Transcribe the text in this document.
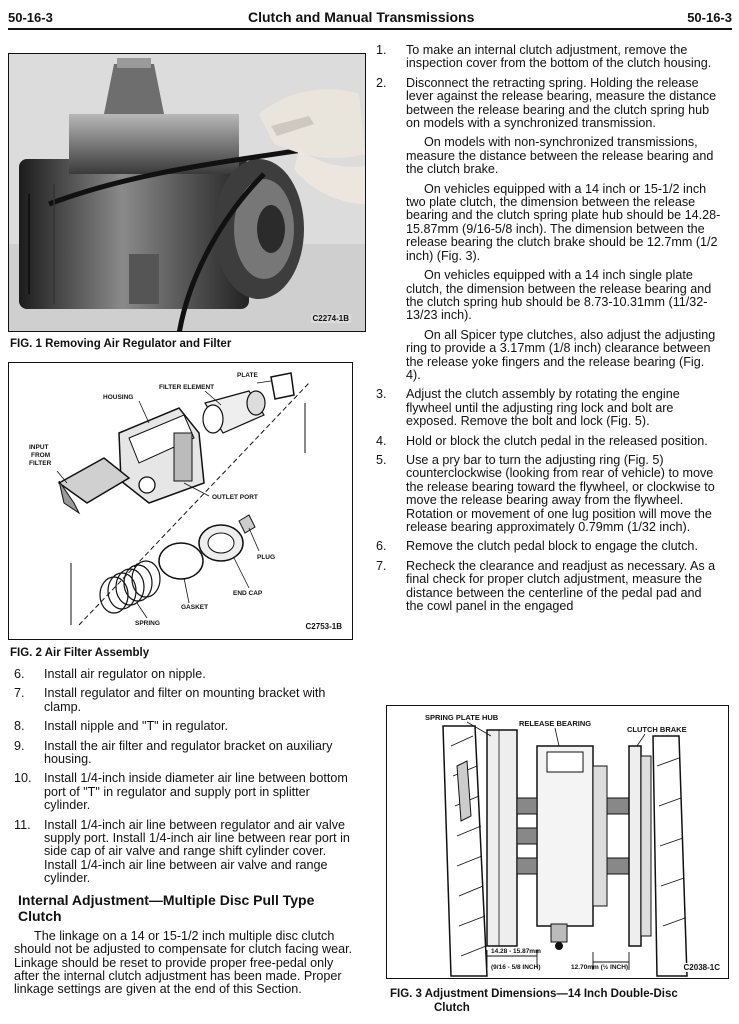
50-16-3	Clutch and Manual Transmissions	50-16-3
C2274-1B
FIG. 1 Removing Air Regulator and Filter
PLATE
FILTER ELEMENT
HOUSING
INPUT
FROM
FILTER
OUTLET PORT
PLUG
END CAP
GASKET
SPRING	C2753-1B
FIG. 2 Air Filter Assembly
6. Install air regulator on nipple.
7. Install regulator and filter on mounting bracket with clamp.
8. Install nipple and "T" in regulator.
9. Install the air filter and regulator bracket on auxiliary housing.
10. Install 1/4-inch inside diameter air line between bottom port of "T" in regulator and supply port in splitter cylinder.
11. Install 1/4-inch air line between regulator and air valve supply port. Install 1/4-inch air line between rear port in side cap of air valve and range shift cylinder cover. Install 1/4-inch air line between air valve and range cylinder.
Internal Adjustment—Multiple Disc Pull Type Clutch
The linkage on a 14 or 15-1/2 inch multiple disc clutch should not be adjusted to compensate for clutch facing wear. Linkage should be reset to provide proper free-pedal only after the internal clutch adjustment has been made. Proper linkage settings are given at the end of this Section.
1. To make an internal clutch adjustment, remove the inspection cover from the bottom of the clutch housing.
2. Disconnect the retracting spring. Holding the release lever against the release bearing, measure the distance between the release bearing and the clutch spring hub on models with a synchronized transmission.
On models with non-synchronized transmissions, measure the distance between the release bearing and the clutch brake.
On vehicles equipped with a 14 inch or 15-1/2 inch two plate clutch, the dimension between the release bearing and the clutch spring plate hub should be 14.28-15.87mm (9/16-5/8 inch). The dimension between the release bearing the clutch brake should be 12.7mm (1/2 inch) (Fig. 3).
On vehicles equipped with a 14 inch single plate clutch, the dimension between the release bearing and the clutch spring hub should be 8.73-10.31mm (11/32-13/23 inch).
On all Spicer type clutches, also adjust the adjusting ring to provide a 3.17mm (1/8 inch) clearance between the release yoke fingers and the release bearing (Fig. 4).
3. Adjust the clutch assembly by rotating the engine flywheel until the adjusting ring lock and bolt are exposed. Remove the bolt and lock (Fig. 5).
4. Hold or block the clutch pedal in the released position.
5. Use a pry bar to turn the adjusting ring (Fig. 5) counterclockwise (looking from rear of vehicle) to move the release bearing toward the flywheel, or clockwise to move the release bearing away from the flywheel. Rotation or movement of one lug position will move the release bearing approximately 0.79mm (1/32 inch).
6. Remove the clutch pedal block to engage the clutch.
7. Recheck the clearance and readjust as necessary. As a final check for proper clutch adjustment, measure the distance between the centerline of the pedal pad and the cowl panel in the engaged
SPRING PLATE HUB
RELEASE BEARING
CLUTCH BRAKE
14.28 - 15.87mm
(9/16 - 5/8 INCH)	12.70mm (½ INCH)	C2038-1C
FIG. 3 Adjustment Dimensions—14 Inch Double-Disc
Clutch
